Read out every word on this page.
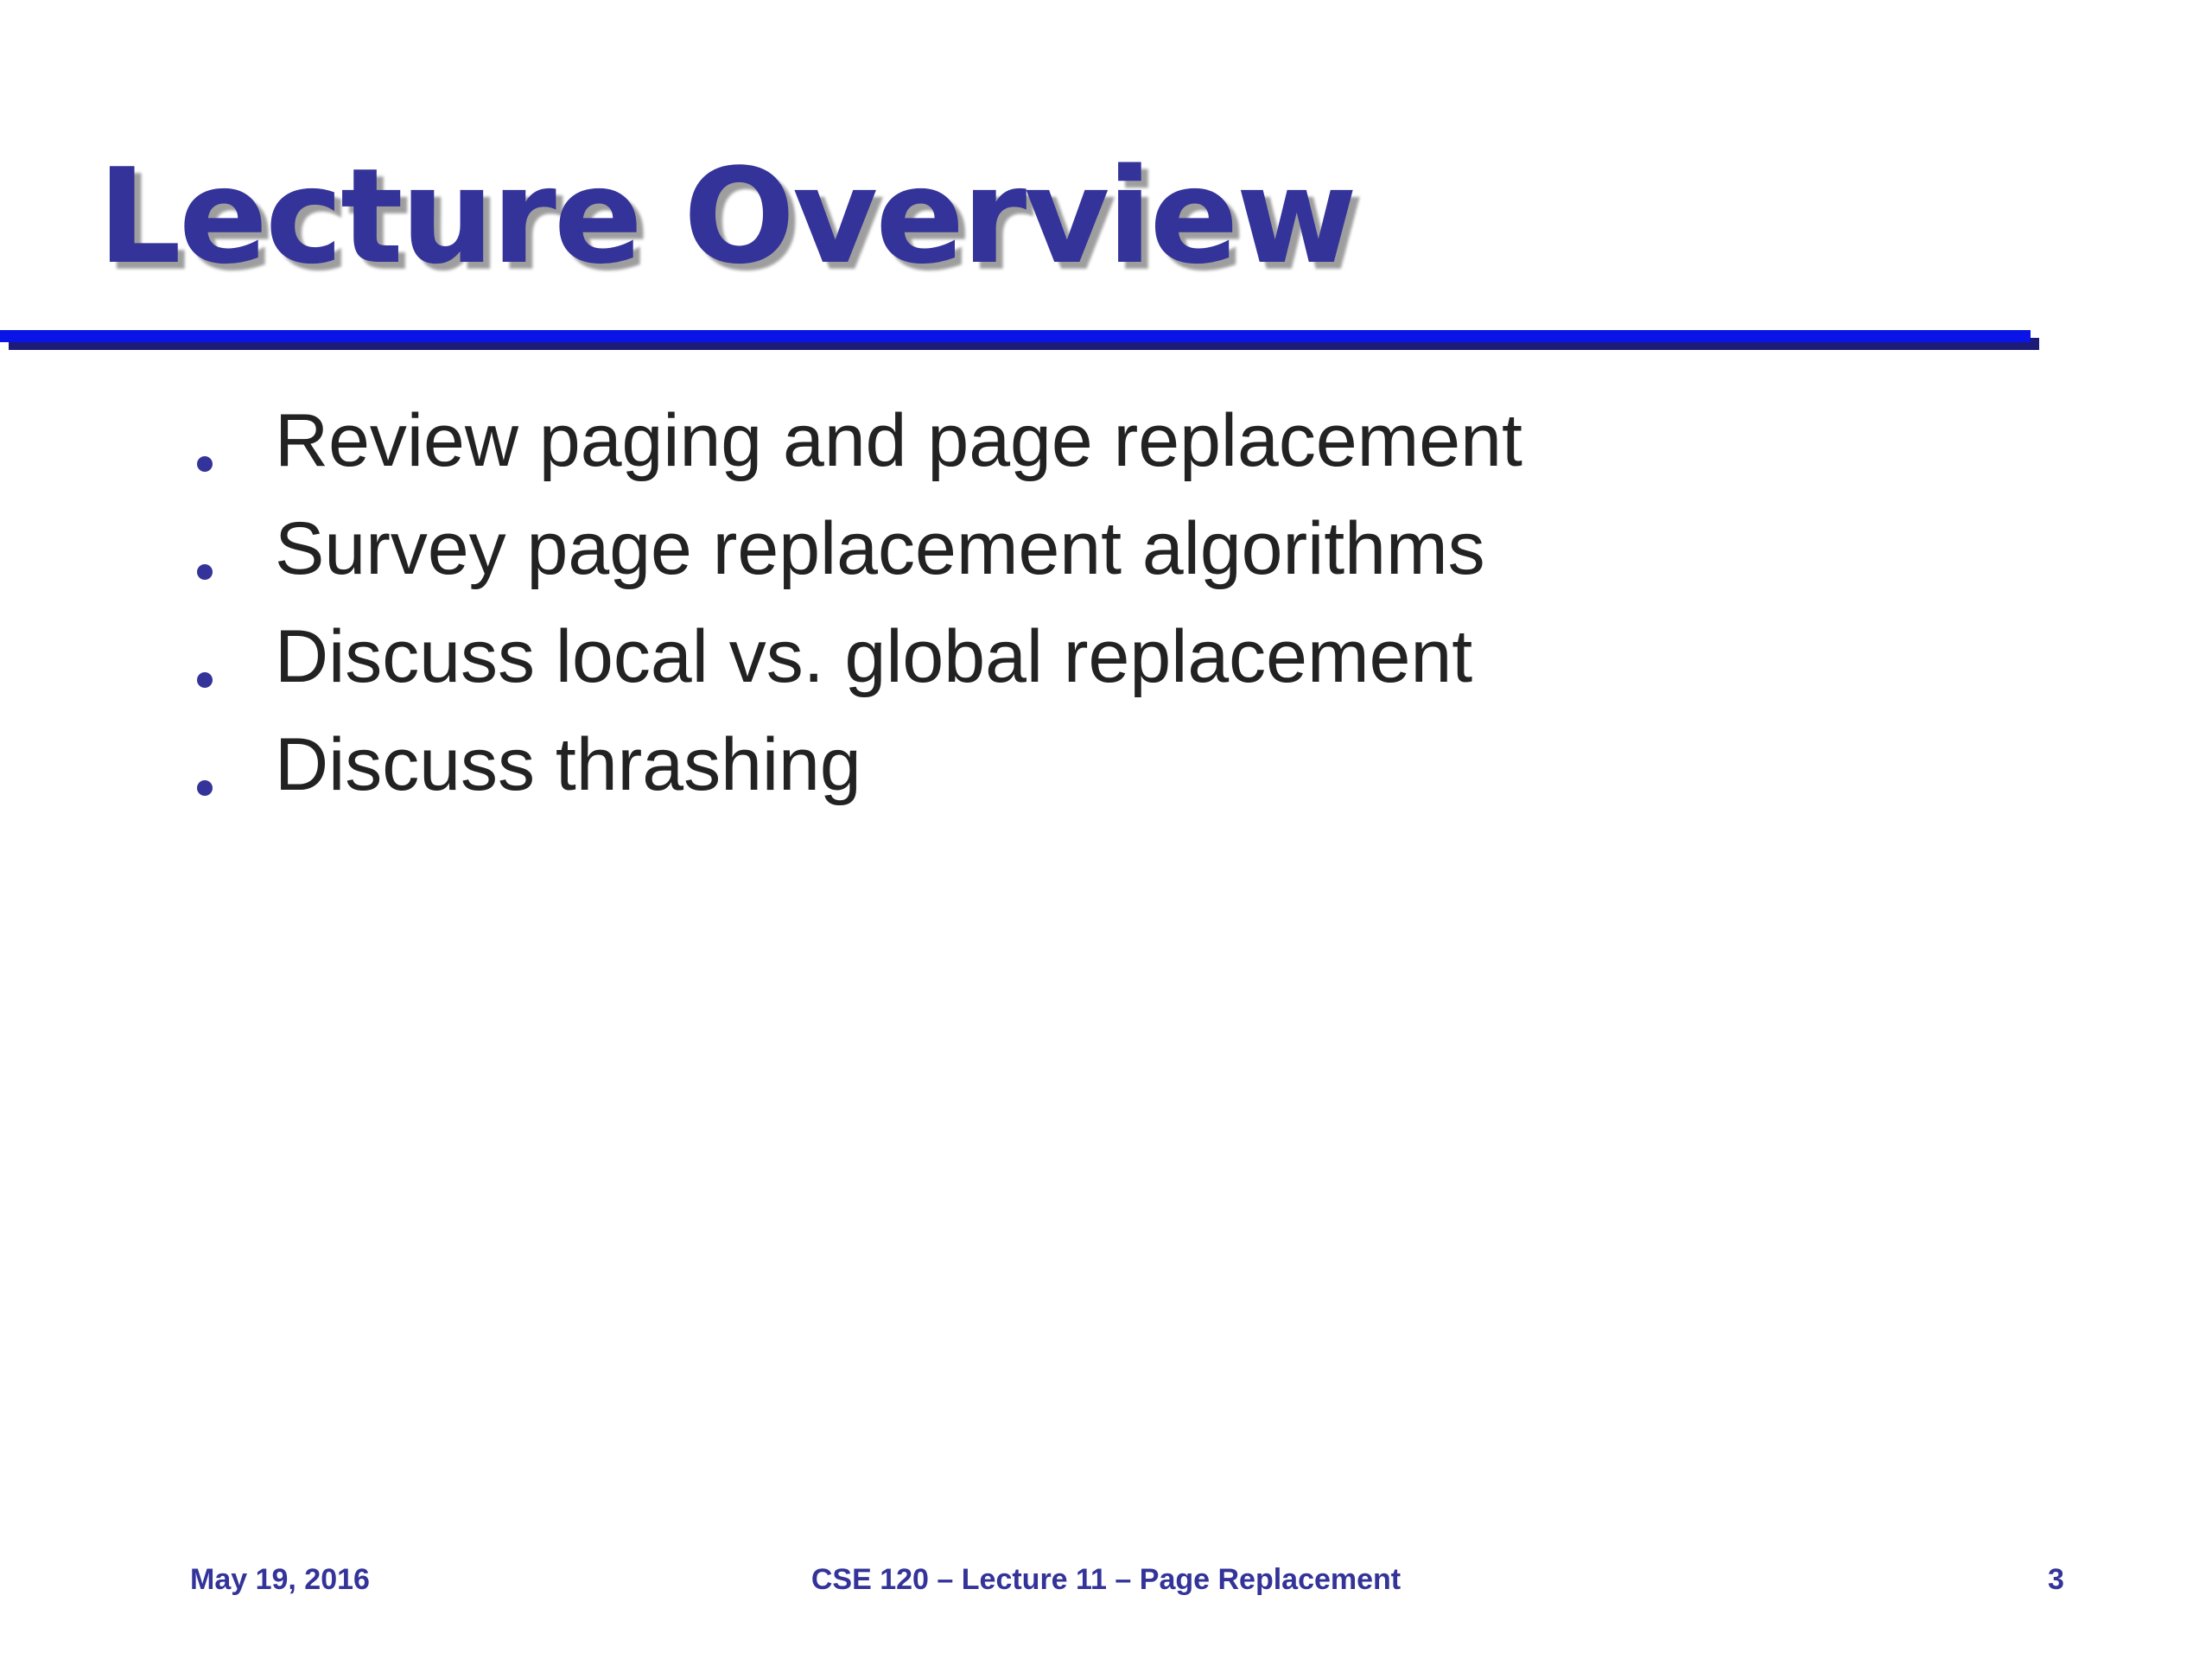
Lecture Overview
Review paging and page replacement
Survey page replacement algorithms
Discuss local vs. global replacement
Discuss thrashing
May 19, 2016	CSE 120 – Lecture 11 – Page Replacement	3
